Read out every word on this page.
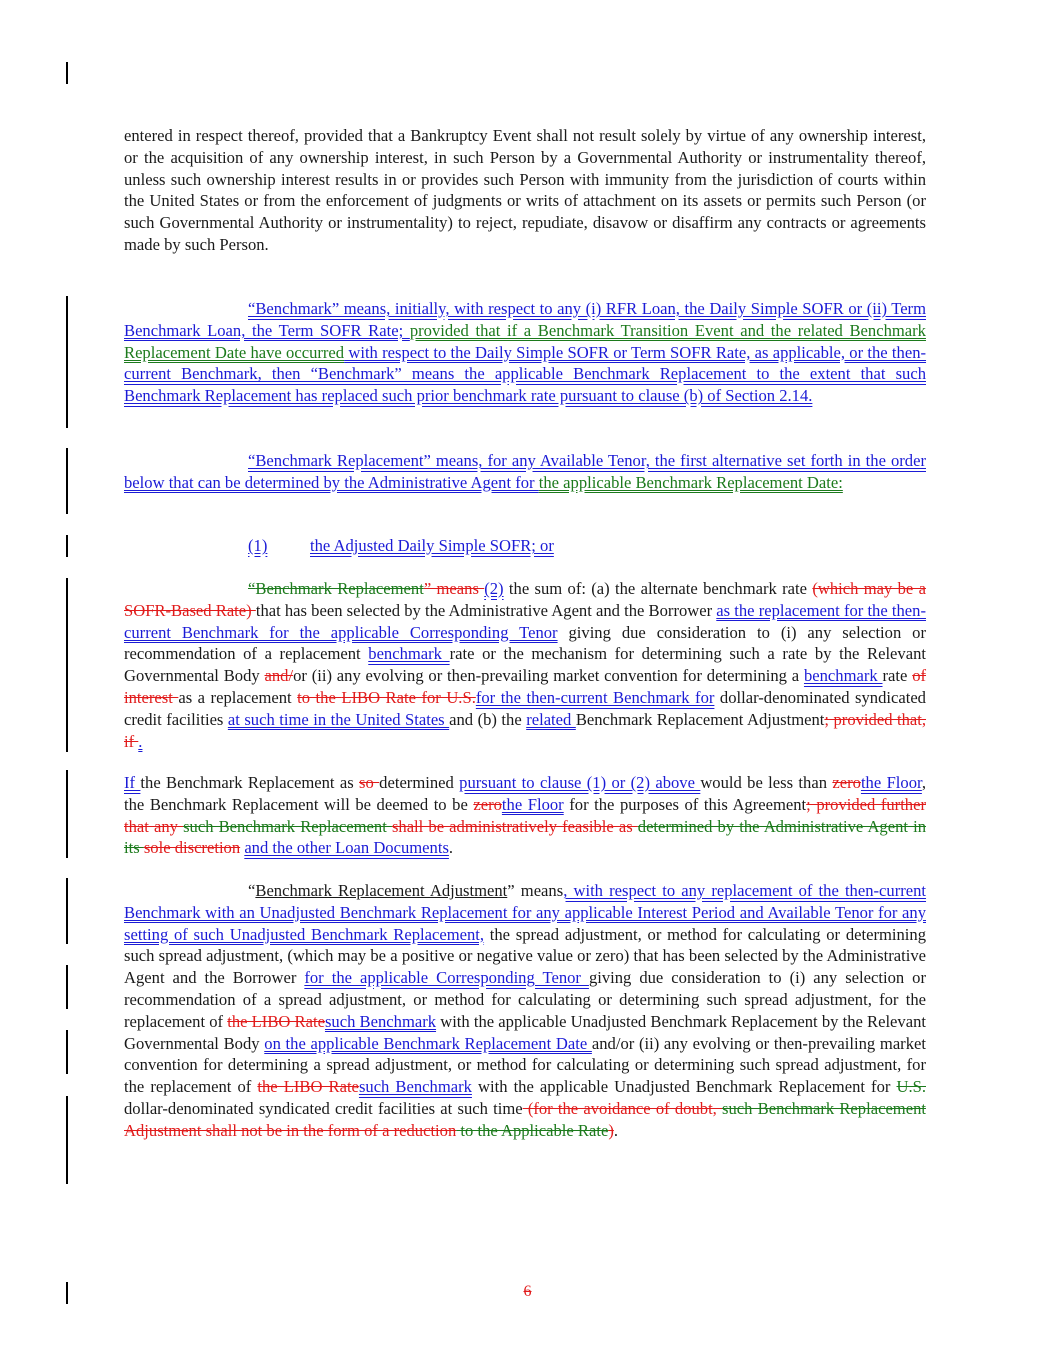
entered in respect thereof, provided that a Bankruptcy Event shall not result solely by virtue of any ownership interest, or the acquisition of any ownership interest, in such Person by a Governmental Authority or instrumentality thereof, unless such ownership interest results in or provides such Person with immunity from the jurisdiction of courts within the United States or from the enforcement of judgments or writs of attachment on its assets or permits such Person (or such Governmental Authority or instrumentality) to reject, repudiate, disavow or disaffirm any contracts or agreements made by such Person.

“Benchmark” means, initially, with respect to any (i) RFR Loan, the Daily Simple SOFR or (ii) Term Benchmark Loan, the Term SOFR Rate; provided that if a Benchmark Transition Event and the related Benchmark Replacement Date have occurred with respect to the Daily Simple SOFR or Term SOFR Rate, as applicable, or the then-current Benchmark, then “Benchmark” means the applicable Benchmark Replacement to the extent that such Benchmark Replacement has replaced such prior benchmark rate pursuant to clause (b) of Section 2.14.

“Benchmark Replacement” means, for any Available Tenor, the first alternative set forth in the order below that can be determined by the Administrative Agent for the applicable Benchmark Replacement Date:

(1)	the Adjusted Daily Simple SOFR; or

“Benchmark Replacement” means (2) the sum of: (a) the alternate benchmark rate (which may be a SOFR-Based Rate) that has been selected by the Administrative Agent and the Borrower as the replacement for the then-current Benchmark for the applicable Corresponding Tenor giving due consideration to (i) any selection or recommendation of a replacement benchmark rate or the mechanism for determining such a rate by the Relevant Governmental Body and/or (ii) any evolving or then-prevailing market convention for determining a benchmark rate of interest as a replacement to the LIBO Rate for U.S.for the then-current Benchmark for dollar-denominated syndicated credit facilities at such time in the United States and (b) the related Benchmark Replacement Adjustment; provided that, if .

If the Benchmark Replacement as so determined pursuant to clause (1) or (2) above would be less than zerothe Floor, the Benchmark Replacement will be deemed to be zerothe Floor for the purposes of this Agreement; provided further that any such Benchmark Replacement shall be administratively feasible as determined by the Administrative Agent in its sole discretion and the other Loan Documents.

“Benchmark Replacement Adjustment” means, with respect to any replacement of the then-current Benchmark with an Unadjusted Benchmark Replacement for any applicable Interest Period and Available Tenor for any setting of such Unadjusted Benchmark Replacement, the spread adjustment, or method for calculating or determining such spread adjustment, (which may be a positive or negative value or zero) that has been selected by the Administrative Agent and the Borrower for the applicable Corresponding Tenor giving due consideration to (i) any selection or recommendation of a spread adjustment, or method for calculating or determining such spread adjustment, for the replacement of the LIBO Ratesuch Benchmark with the applicable Unadjusted Benchmark Replacement by the Relevant Governmental Body on the applicable Benchmark Replacement Date and/or (ii) any evolving or then-prevailing market convention for determining a spread adjustment, or method for calculating or determining such spread adjustment, for the replacement of the LIBO Ratesuch Benchmark with the applicable Unadjusted Benchmark Replacement for U.S. dollar-denominated syndicated credit facilities at such time (for the avoidance of doubt, such Benchmark Replacement Adjustment shall not be in the form of a reduction to the Applicable Rate).

6
